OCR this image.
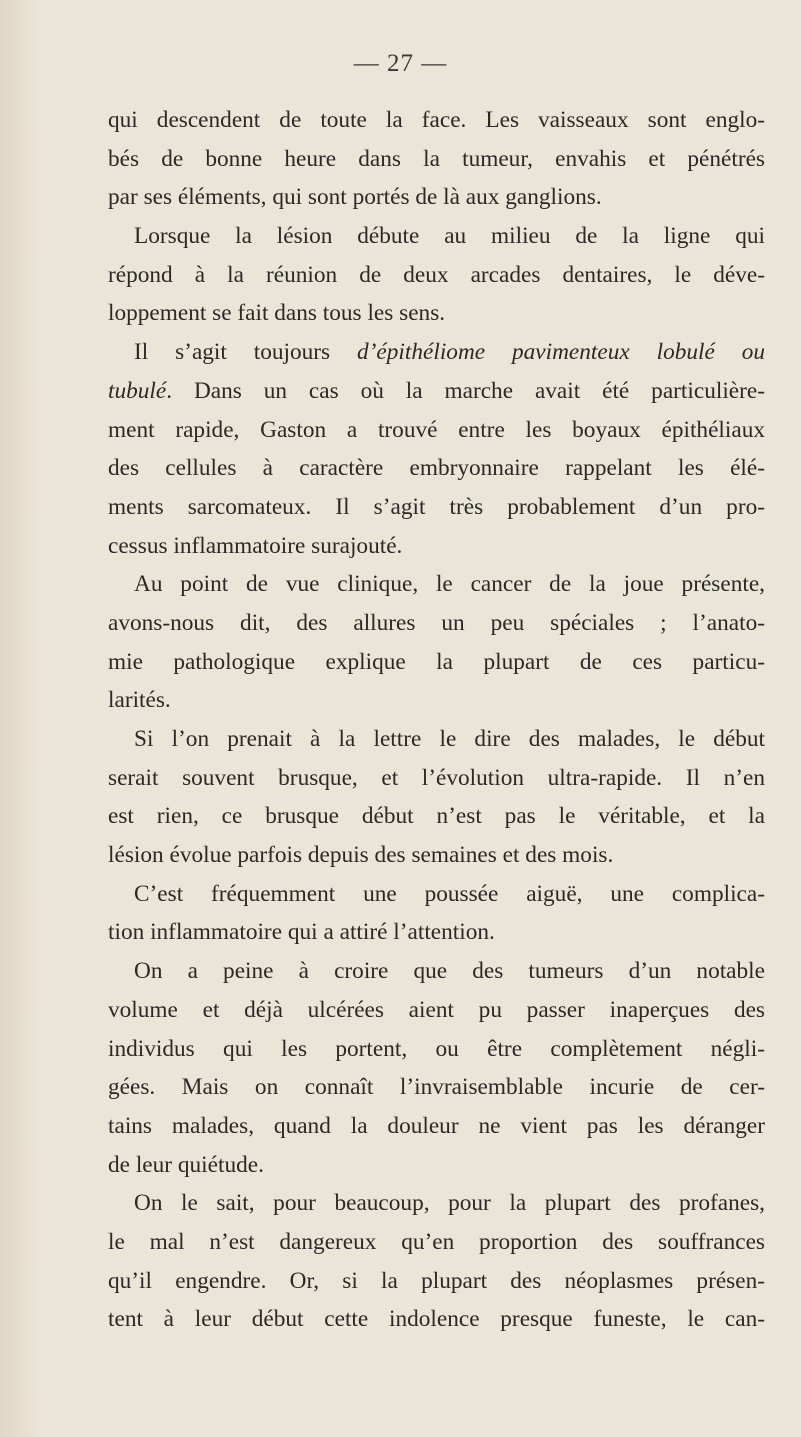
— 27 —
qui descendent de toute la face. Les vaisseaux sont englo-
bés de bonne heure dans la tumeur, envahis et pénétrés
par ses éléments, qui sont portés de là aux ganglions.
Lorsque la lésion débute au milieu de la ligne qui
répond à la réunion de deux arcades dentaires, le déve-
loppement se fait dans tous les sens.
Il s’agit toujours d’épithéliome pavimenteux lobulé ou
tubulé. Dans un cas où la marche avait été particulière-
ment rapide, Gaston a trouvé entre les boyaux épithéliaux
des cellules à caractère embryonnaire rappelant les élé-
ments sarcomateux. Il s’agit très probablement d’un pro-
cessus inflammatoire surajouté.
Au point de vue clinique, le cancer de la joue présente,
avons-nous dit, des allures un peu spéciales ; l’anato-
mie pathologique explique la plupart de ces particu-
larités.
Si l’on prenait à la lettre le dire des malades, le début
serait souvent brusque, et l’évolution ultra-rapide. Il n’en
est rien, ce brusque début n’est pas le véritable, et la
lésion évolue parfois depuis des semaines et des mois.
C’est fréquemment une poussée aiguë, une complica-
tion inflammatoire qui a attiré l’attention.
On a peine à croire que des tumeurs d’un notable
volume et déjà ulcérées aient pu passer inaperçues des
individus qui les portent, ou être complètement négli-
gées. Mais on connaît l’invraisemblable incurie de cer-
tains malades, quand la douleur ne vient pas les déranger
de leur quiétude.
On le sait, pour beaucoup, pour la plupart des profanes,
le mal n’est dangereux qu’en proportion des souffrances
qu’il engendre. Or, si la plupart des néoplasmes présen-
tent à leur début cette indolence presque funeste, le can-
